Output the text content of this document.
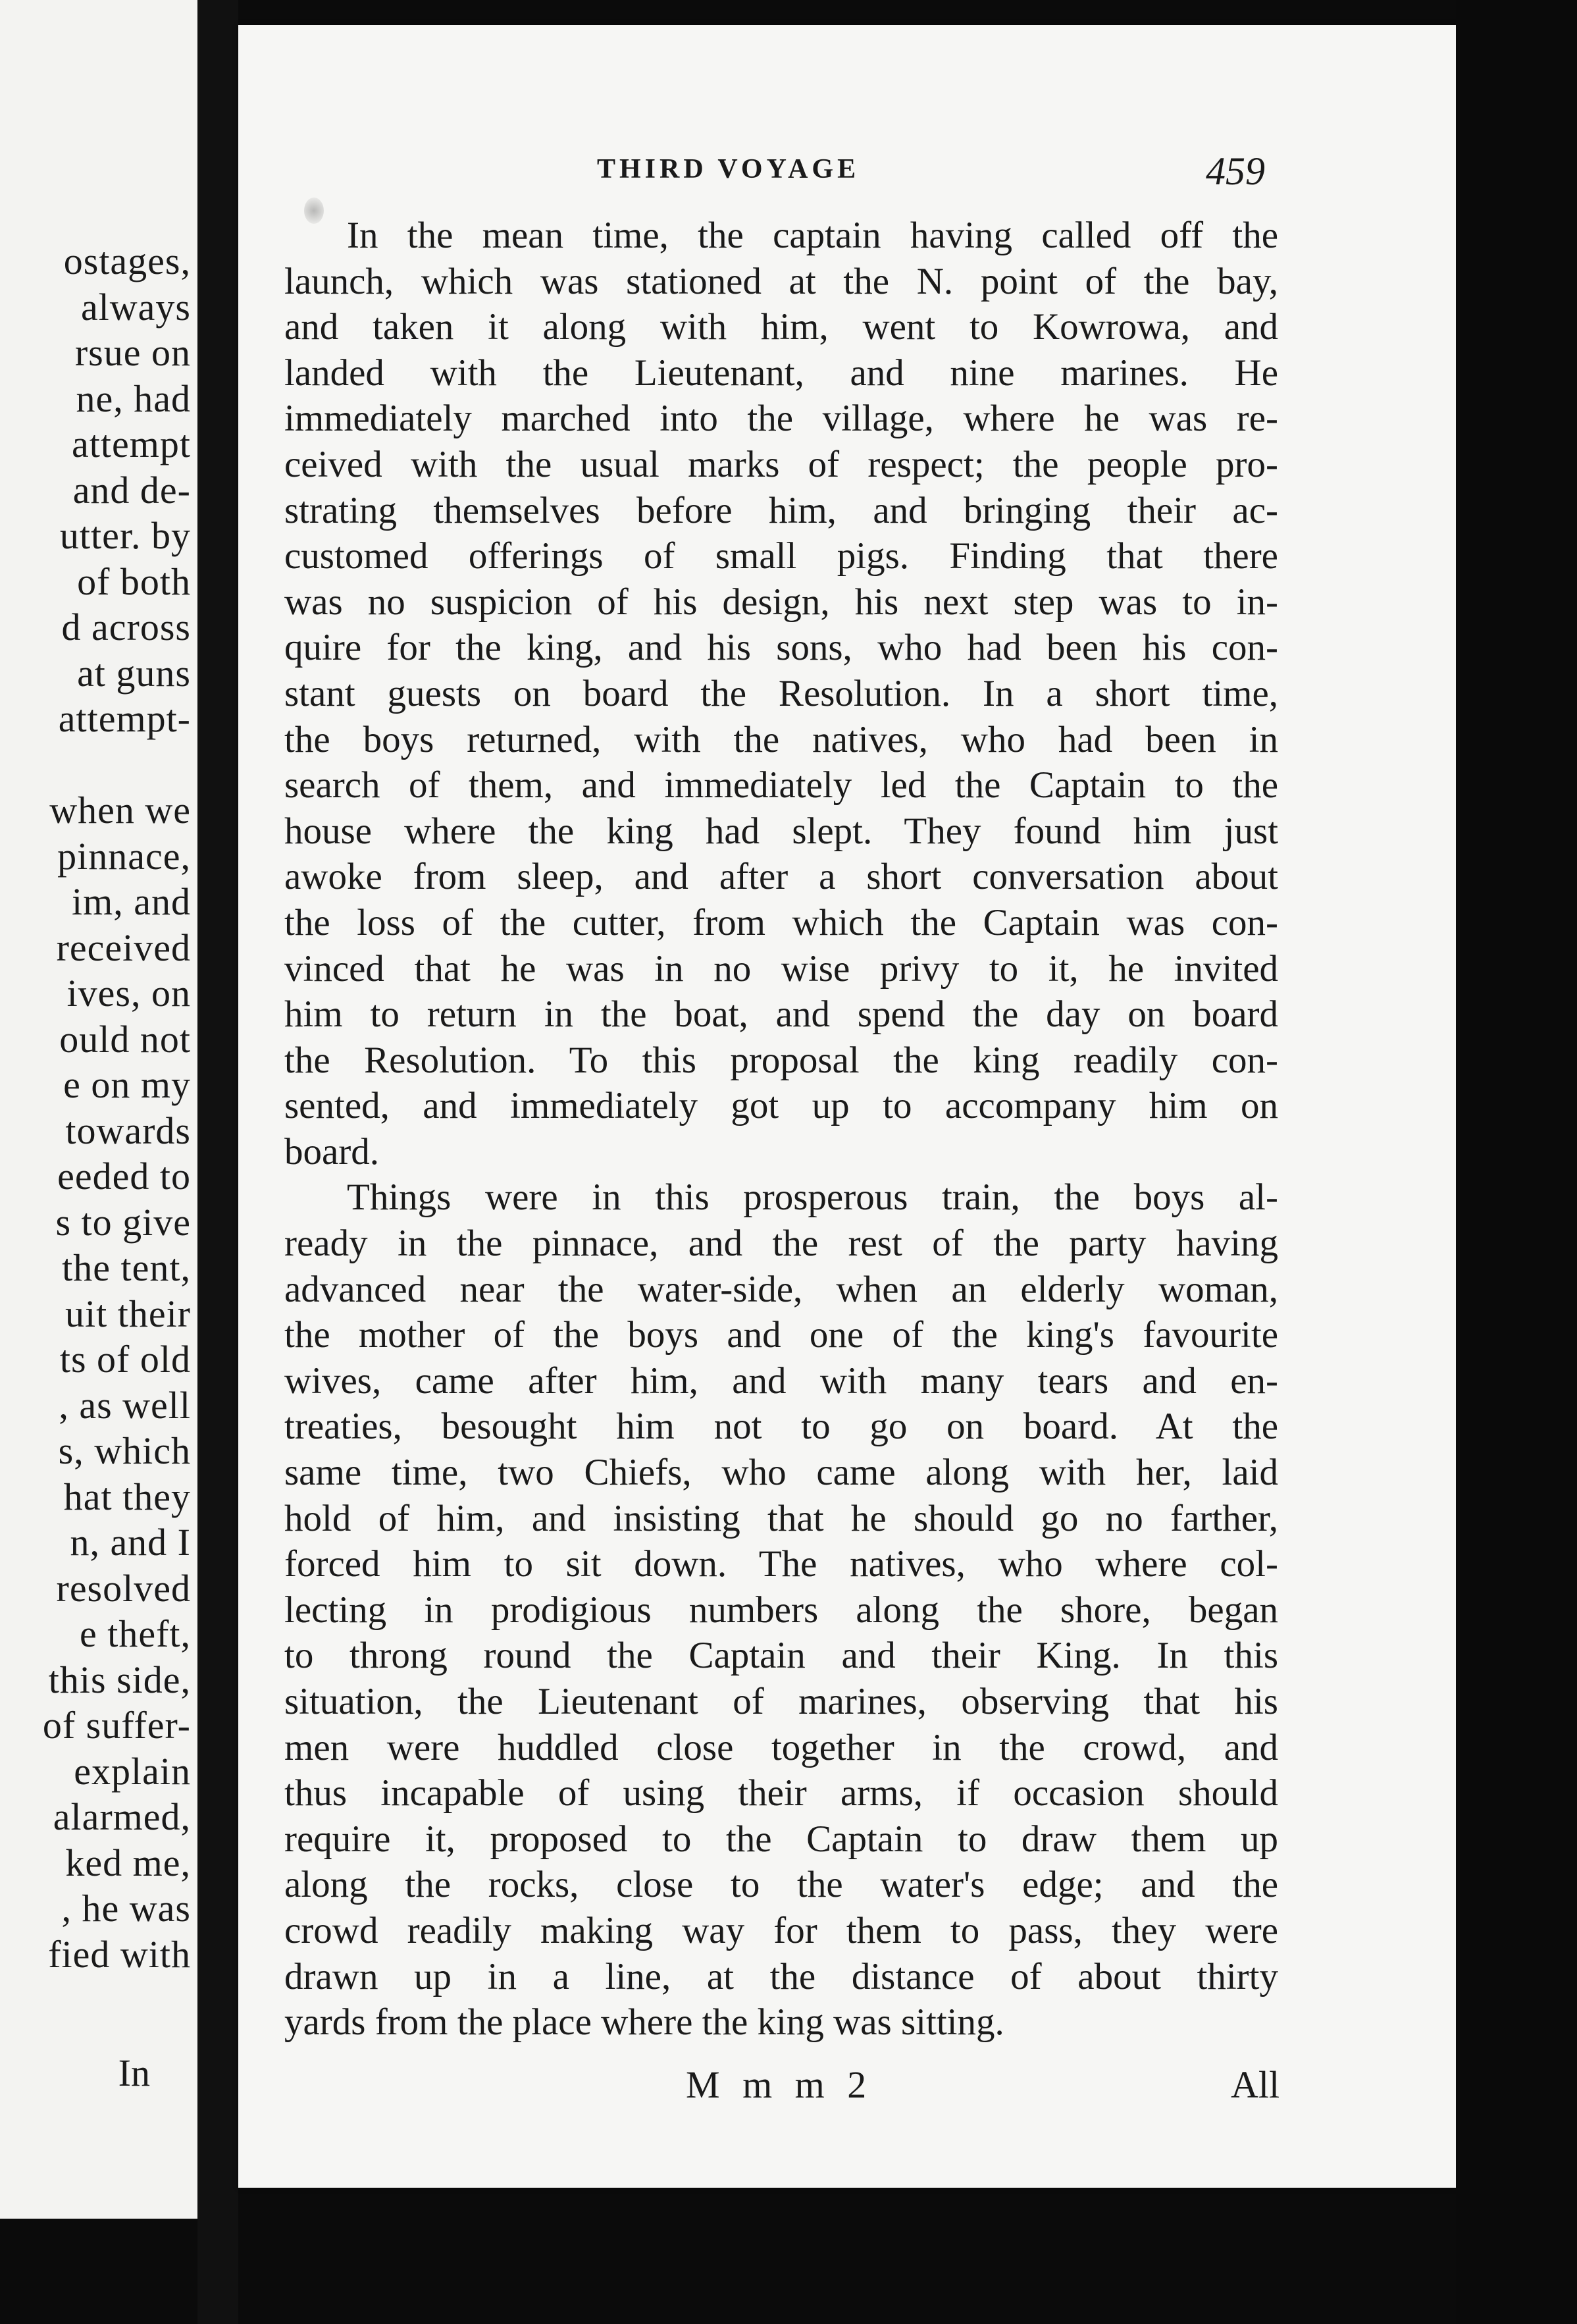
ostages,
always
rsue on
ne, had
attempt
and de-
utter. by
of both
d across
at guns
attempt-
when we
pinnace,
im, and
received
ives, on
ould not
e on my
towards
eeded to
s to give
the tent,
uit their
ts of old
, as well
s, which
hat they
n, and I
resolved
e theft,
this side,
of suffer-
explain
alarmed,
ked me,
, he was
fied with
In
THIRD VOYAGE	459
In the mean time, the captain having called off the
launch, which was stationed at the N. point of the bay,
and taken it along with him, went to Kowrowa, and
landed with the Lieutenant, and nine marines. He
immediately marched into the village, where he was re-
ceived with the usual marks of respect; the people pro-
strating themselves before him, and bringing their ac-
customed offerings of small pigs. Finding that there
was no suspicion of his design, his next step was to in-
quire for the king, and his sons, who had been his con-
stant guests on board the Resolution. In a short time,
the boys returned, with the natives, who had been in
search of them, and immediately led the Captain to the
house where the king had slept. They found him just
awoke from sleep, and after a short conversation about
the loss of the cutter, from which the Captain was con-
vinced that he was in no wise privy to it, he invited
him to return in the boat, and spend the day on board
the Resolution. To this proposal the king readily con-
sented, and immediately got up to accompany him on
board.
Things were in this prosperous train, the boys al-
ready in the pinnace, and the rest of the party having
advanced near the water-side, when an elderly woman,
the mother of the boys and one of the king's favourite
wives, came after him, and with many tears and en-
treaties, besought him not to go on board. At the
same time, two Chiefs, who came along with her, laid
hold of him, and insisting that he should go no farther,
forced him to sit down. The natives, who where col-
lecting in prodigious numbers along the shore, began
to throng round the Captain and their King. In this
situation, the Lieutenant of marines, observing that his
men were huddled close together in the crowd, and
thus incapable of using their arms, if occasion should
require it, proposed to the Captain to draw them up
along the rocks, close to the water's edge; and the
crowd readily making way for them to pass, they were
drawn up in a line, at the distance of about thirty
yards from the place where the king was sitting.
M m m 2	All
